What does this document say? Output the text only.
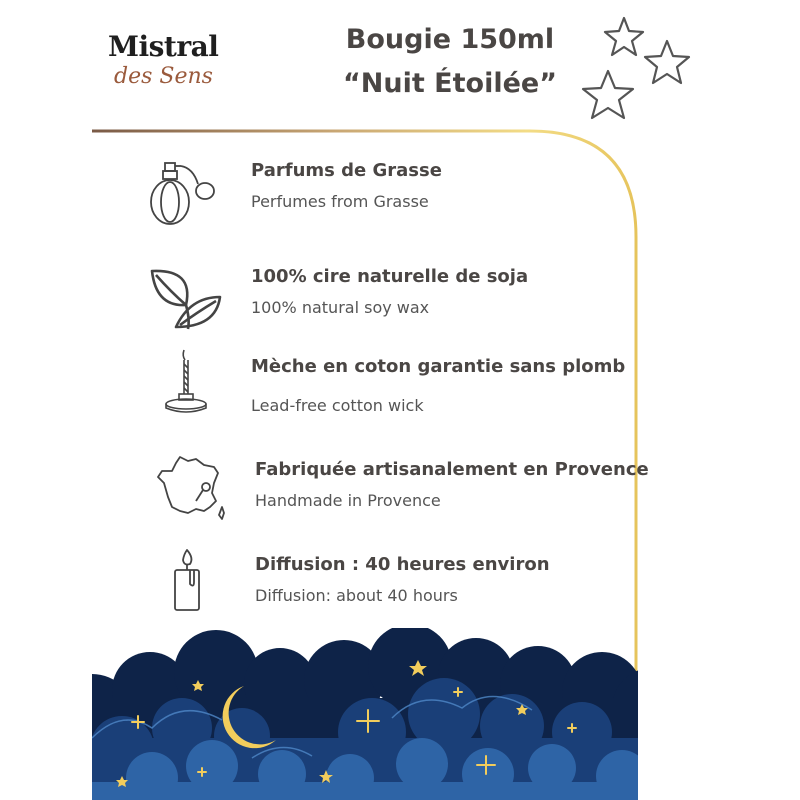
Mistral
des Sens
Bougie 150ml
“Nuit Étoilée”
Parfums de Grasse
Perfumes from Grasse
100% cire naturelle de soja
100% natural soy wax
Mèche en coton garantie sans plomb
Lead-free cotton wick
Fabriquée artisanalement en Provence
Handmade in Provence
Diffusion : 40 heures environ
Diffusion: about 40 hours
